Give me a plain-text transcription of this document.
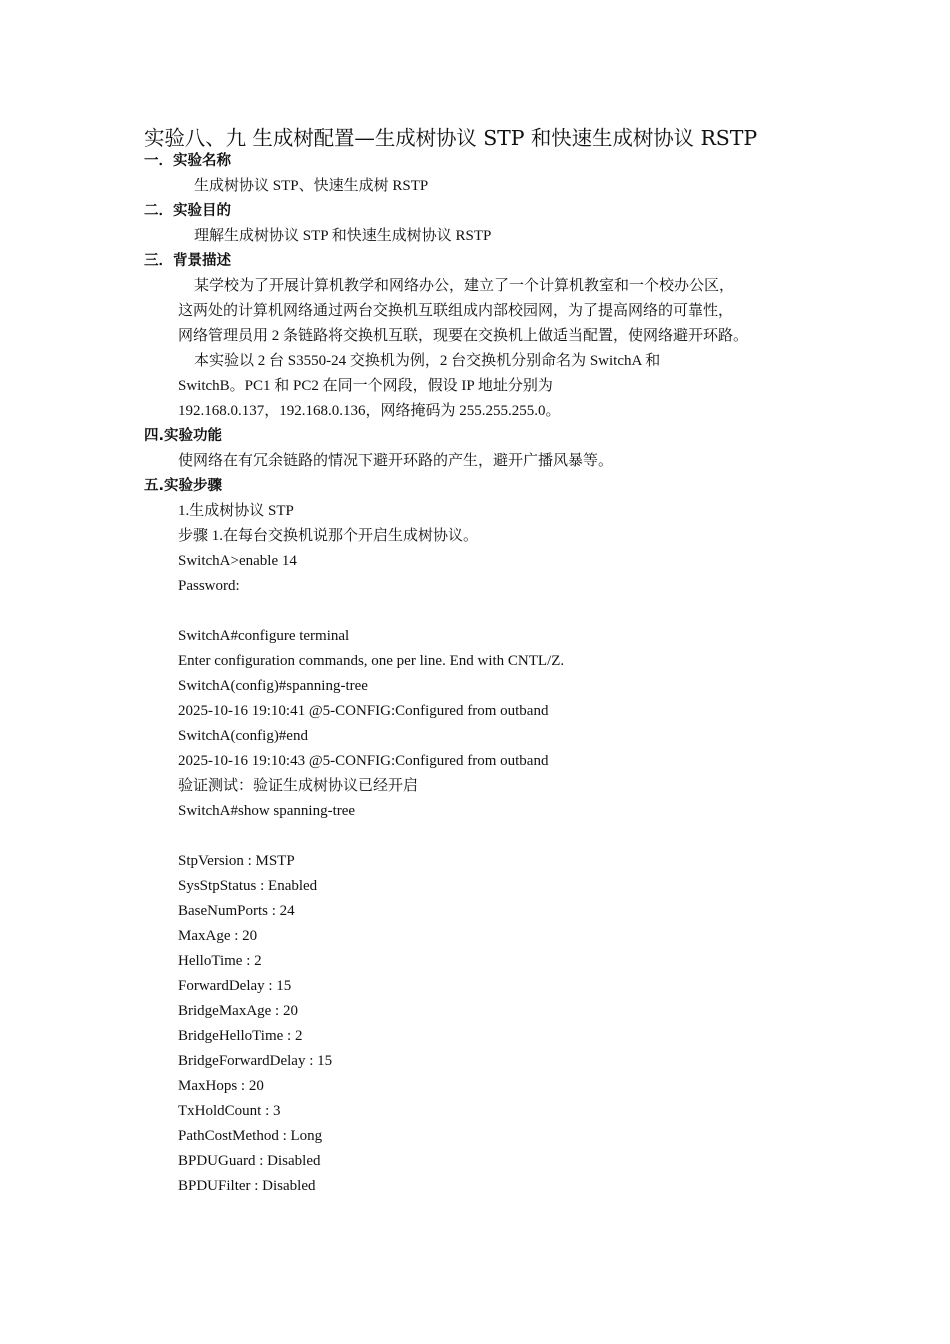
实验八、九 生成树配置—生成树协议 STP 和快速生成树协议 RSTP
一．实验名称
生成树协议 STP、快速生成树 RSTP
二．实验目的
理解生成树协议 STP 和快速生成树协议 RSTP
三．背景描述
某学校为了开展计算机教学和网络办公，建立了一个计算机教室和一个校办公区，
这两处的计算机网络通过两台交换机互联组成内部校园网，为了提高网络的可靠性，
网络管理员用 2 条链路将交换机互联，现要在交换机上做适当配置，使网络避开环路。
本实验以 2 台 S3550-24 交换机为例，2 台交换机分别命名为 SwitchA 和
SwitchB。PC1 和 PC2 在同一个网段，假设 IP 地址分别为
192.168.0.137，192.168.0.136，网络掩码为 255.255.255.0。
四.实验功能
使网络在有冗余链路的情况下避开环路的产生，避开广播风暴等。
五.实验步骤
1.生成树协议 STP
步骤 1.在每台交换机说那个开启生成树协议。
SwitchA>enable 14
Password:
SwitchA#configure terminal
Enter configuration commands, one per line. End with CNTL/Z.
SwitchA(config)#spanning-tree
2025-10-16 19:10:41 @5-CONFIG:Configured from outband
SwitchA(config)#end
2025-10-16 19:10:43 @5-CONFIG:Configured from outband
验证测试：验证生成树协议已经开启
SwitchA#show spanning-tree
StpVersion : MSTP
SysStpStatus : Enabled
BaseNumPorts : 24
MaxAge : 20
HelloTime : 2
ForwardDelay : 15
BridgeMaxAge : 20
BridgeHelloTime : 2
BridgeForwardDelay : 15
MaxHops : 20
TxHoldCount : 3
PathCostMethod : Long
BPDUGuard : Disabled
BPDUFilter : Disabled
